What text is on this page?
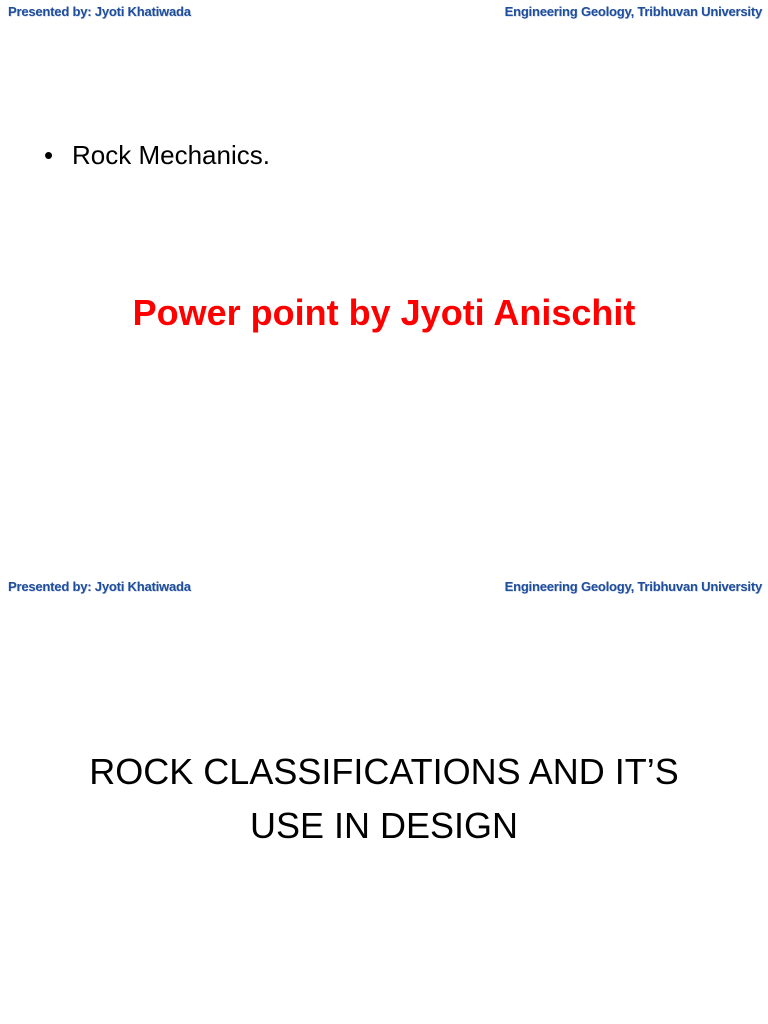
Presented by: Jyoti Khatiwada	Engineering Geology, Tribhuvan University
• Rock Mechanics.
Power point by Jyoti Anischit
Presented by: Jyoti Khatiwada	Engineering Geology, Tribhuvan University
ROCK CLASSIFICATIONS AND IT’S
USE IN DESIGN
